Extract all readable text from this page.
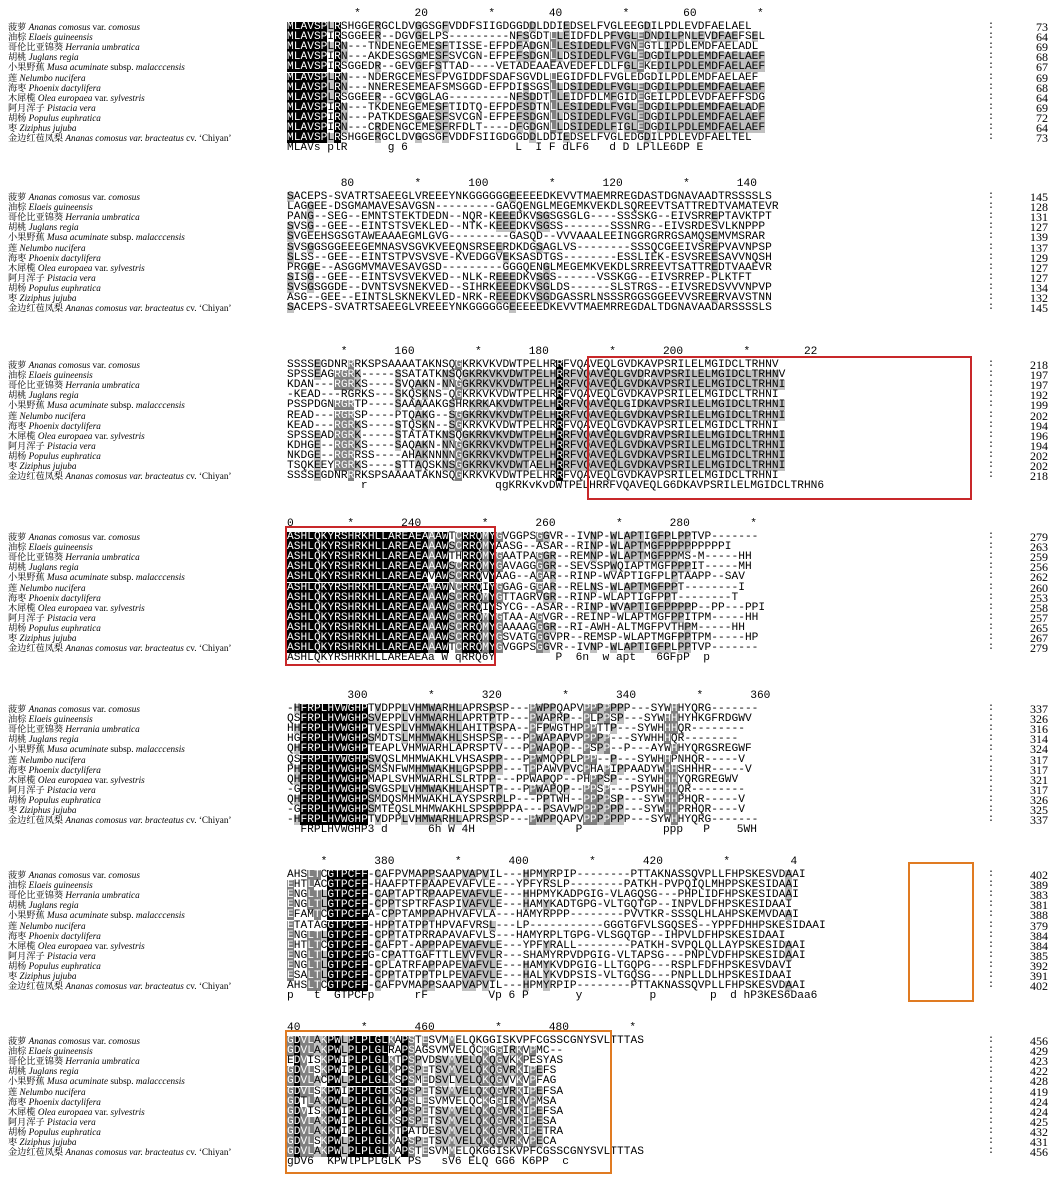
*        20         *        40         *        60         *
菠萝 Ananas comosus var. comosus	MLAVSPLRSHGGERGCLDVGGSGFVDDFSIIGDGGDDLDDIEDSELFVGLEEGDILPDLEVDFAELAEL	:	73
油棕 Elaeis guineensis	MLAVSPIRSGGEER--DGVGELPS---------NFSGDTLLEIDFDLPFVGLEDNDILPNLEVDFAEFSEL	:	64
哥伦比亚锦葵 Herrania umbratica	MLAVSPLRN---TNDENEGEMESFTISSE-EFPDFADGNLLESIDEDLFVGNEGTLIPDLEMDFAELADL	:	69
胡桃 Juglans regia	MLAVSPIRN---AKDESGSGMESFSVCGN-EFPEFSDGNLLDSIDEDLFVGLEDGDILPDLEMDFAELAEF	:	68
小果野蕉 Musa acuminate subsp. malacccensis	MLAVSPIRSGGEDR--GEVGEFSTTAD----VETADEAAEAVEDEFLDLFGLEKEDILPDLEMDFAELAEF	:	67
莲 Nelumbo nucifera	MLAVSPLRN---NDERGCEMESFPVGIDDFSDAFSGVDLLEGIDFDLFVGLEDGDILPDLEMDFAELAEF	:	69
海枣 Phoenix dactylifera	MLAVSPLRN---NNERESEMEAFSMSGGD-EFPDISSGSLLDSIDEDLFVGLEDGDILPDLEMDFAELAEF	:	68
木犀榄 Olea europaea var. sylvestris	MLAVSPLRSGGEER--GCVGGLAG---------NFSDDTLLEIDFDLMFGIDEGEILPDLEVDFAEFFSDG	:	64
阿月浑子 Pistacia vera	MLAVSPIRN---TKDENEGEMESFTIDTQ-EFPDFSDTNLLESIDEDLFVGLEDGDILPDLEMDFAELADF	:	69
胡杨 Populus euphratica	MLAVSPIRN---PATKDESGAESFSVCGN-EFPEFSDGNLLDSIDEDLFVGLEDGDILPDLEMDFAELAEF	:	72
枣 Ziziphus jujuba	MLAVSPIRN---CRDENGCEMESFRFDLT----DFGDGNLLDSIDEDLFIGLEDGDILPDLEMDFAELAEF	:	64
金边红苞凤梨 Ananas comosus var. bracteatus cv. ‘Chiyan’	MLAVSPLRSHGGERGCLDVGGSGFVDDFSIIGDGGDDLDDIEDSELFVGLEDGDILPDLEVDFAELTEL	:	73
MLAVs plR      g 6                L  I F dLF6   d D LPlLE6DP E
80         *       100         *       120         *       140
菠萝 Ananas comosus var. comosus	SACEPS-SVATRTSAEEGLVREEEYNKGGGGGGEEEEEDKEVVTMAEMRREGDASTDGNAVAADTRSSSSLS	:	145
油棕 Elaeis guineensis	LAGGEE-DSGMAMAVESAVGSN---------GAGQENGLMEGEMKVEKDLSQREEVTSATTREDTVAMATEVR	:	128
哥伦比亚锦葵 Herrania umbratica	PANG--SEG--EMNTSTEKTDEDN--NQR-KEEEDKVSGSGSGLG----SSSSKG--EIVSRREPTAVKTPT	:	131
胡桃 Juglans regia	SVSG--GEE--EINTSTSVEKLED--NTK-KEEEDKVSGSS-------SSSNRG--EIVSRDESVLKNPPP	:	127
小果野蕉 Musa acuminate subsp. malacccensis	SVGEEHSGSGTAWEAAAEGMLGVG---------GASQD--VVVAAALEEINGGRGRRGSAMQSEMVMSRAR	:	139
莲 Nelumbo nucifera	SVSGGSGGEEEGEMNASVSGVKVEEQNSRSEERDKDGSAGLVS--------SSSQCGEEIVSREPVAVNPSP	:	137
海枣 Phoenix dactylifera	SLSS--GEE--EINTSTPVSVSVE-KVEDGGVEKSASDTGS--------ESSLIEK-ESVSREESAVVNQSH	:	129
木犀榄 Olea europaea var. sylvestris	PRGGE--ASGGMVMAVESAVGSD---------GGGQENGLMEGEMKVEKDLSRREEVTSATTREDTVAAEVR	:	127
阿月浑子 Pistacia vera	SISG--GEE--EINTSVSVEKVED--NLK-REEEDKVSGS------VSSKGG--EIVSRREP-PLKTFT	:	127
胡杨 Populus euphratica	SVSGSGGDE--DVNTSVSNEKVED--SIHRKEEEDKVSGLDS------SLSTRGS--EIVSREDSVVVNPVP	:	134
枣 Ziziphus jujuba	ASG--GEE--EINTSLSKNEKVLED-NRK-REEEDKVSGDGASSRLNSSSRGGSGGEEVVSREERVAVSTNN	:	132
金边红苞凤梨 Ananas comosus var. bracteatus cv. ‘Chiyan’	SACEPS-SVATRTSAEEGLVREEEYNKGGGGGGEEEEEDKEVVTMAEMRREGDALTDGNAVAADARSSSSLS	:	145
*       160         *       180         *       200         *        22
菠萝 Ananas comosus var. comosus	SSSSEGDNRRRKSPSAAAATAKNSQGKRKVKVDWTPELHRRFVQAVEQLGVDKAVPSRILELMGIDCLTRHNV	:	218
油棕 Elaeis guineensis	SPSSEAGRGRK-----SSATATKNSQGKRKVKVDWTPELHRRFVQAVEQLGVDRAVPSRILELMGIDCLTRHNV	:	197
哥伦比亚锦葵 Herrania umbratica	KDAN---RGRKS----SVQAKN-NNGGKRKVKVDWTPELHRRFVQAVEQLGVDKAVPSRILELMGIDCLTRHNI	:	197
胡桃 Juglans regia	-KEAD---RGRKS---SKQSKNS-QGKRKVKVDWTPELHRRFVQAVEQLGVDKAVPSRILELMGIDCLTRHNI	:	192
小果野蕉 Musa acuminate subsp. malacccensis	PSSPDGNRGRTP----SAAAAAKGSHRKRKAKVDWTPELHRRFVQAVEQLGIDKAVPSRILELMGIDCLTRHNI	:	199
莲 Nelumbo nucifera	READ---RGRSP----PTQAKG--SGGKRKVKVDWTPELHRRFVQAVEQLGVDKAVPSRILELMGIDCLTRHNI	:	202
海枣 Phoenix dactylifera	KEAD---RGRKS----STQSKN--SGKRKVKVDWTPELHRRFVQAVEQLGVDKAVPSRILELMGIDCLTRHNI	:	194
木犀榄 Olea europaea var. sylvestris	SPSSEADRGRK-----STATATKNSQGKRKVKVDWTPELHRRFVQAVEQLGVDRAVPSRILELMGIDCLTRHNI	:	196
阿月浑子 Pistacia vera	KDHGE--RGRKS----SAQAKN-NNGGKRKVKVDWTPELHRRFVQAVEQLGVDKAVPSRILELMGIDCLTRHNI	:	194
胡杨 Populus euphratica	NKDGE--RGRRSS----AHAKNNNNGGKRKVKVDWTPELHRRFVQAVEQLGVDKAVPSRILELMGIDCLTRHNI	:	202
枣 Ziziphus jujuba	TSQKEEYRGRKS----STTAQSKNSGGKRKVKVDWTAELHRRFVQAVEQLGVDKAVPSRILELMGIDCLTRHNI	:	202
金边红苞凤梨 Ananas comosus var. bracteatus cv. ‘Chiyan’	SSSSEGDNRRRKSPSAAAATAKNSQGKRKVKVDWTPELHRRFVQAVEQLGVDKAVPSRILELMGIDCLTRHNI	:	218
r                   qgKRKvKvDWTPELHRRFVQAVEQLG6DKAVPSRILELMGIDCLTRHN6
0        *       240         *       260         *       280         *
菠萝 Ananas comosus var. comosus	ASHLQKYRSHRKHLLAREAEAAAWTCRRQMYGVGGPSGGVR--IVNP-WLAPTIGFPLPPTVP-------	:	279
油棕 Elaeis guineensis	ASHLQKYRSHRKHLLAREAEAAAWSCRRQMYAASG--ASAR--RINP-WLAPTMGFPPPPPPPPPI	:	263
哥伦比亚锦葵 Herrania umbratica	ASHLQKYRSHRKHLLAREAEAAAWTHRRQMYGAATPAGGR--REMNP-WLAPTMGFPPMS-M-----HH	:	259
胡桃 Juglans regia	ASHLQKYRSHRKHLLAREAEAAAWSCRRQMYGAVAGGGGR--SEVSSPWQIAPTMGFPPPIT-----MH	:	256
小果野蕉 Musa acuminate subsp. malacccensis	ASHLQKYRSHRKHLLAREAEAVAWSCRRQVYAAG--AGAR--RINP-WVAPTIGFPLPTAAPP--SAV	:	262
莲 Nelumbo nucifera	ASHLQKYRSHRKHLLAREAEAAAWNCRRQIYGGAG-GGAR--RELNS-WLAPTMGFPPT--------I	:	260
海枣 Phoenix dactylifera	ASHLQKYRSHRKHLLAREAEAAAWSCRRQMYGTTAGRVGR--RINP-WLAPTIGFPPT--------T	:	253
木犀榄 Olea europaea var. sylvestris	ASHLQKYRSHRKHLLAREAEAAAWSCRRQIYSYCG--ASAR--RINP-WVAPTIGFPPPPP--PP---PPI	:	258
阿月浑子 Pistacia vera	ASHLQKYRSHRKHLLAREAEAAAWSCRRQMYGTAA-AGVGR--REINP-WLAPTMGFPPITPM-----HH	:	257
胡杨 Populus euphratica	ASHLQKYRSHRKHLLAREAEAAAWSCRRQMYGAAAAGGGR--RI-AWH-ALTMGFPVTHPM-----HH	:	265
枣 Ziziphus jujuba	ASHLQKYRSHRKHLLAREAEAAAWSCRRQMYGSVATGGGVPR--REMSP-WLAPTMGFPPTPM-----HP	:	267
金边红苞凤梨 Ananas comosus var. bracteatus cv. ‘Chiyan’	ASHLQKYRSHRKHLLAREAEAAAWTCRRQMYGVGGPSGGVR--IVNP-WLAPTIGFPLPPTVP-------	:	279
ASHLQKYRSHRKHLLAREAEAa W qRRQ6Y         P  6n  w apt   6GFpP  p
300         *       320         *       340         *       360
菠萝 Ananas comosus var. comosus	-HFRPLHVWGHPTVDPPLVHMWARHLAPRSPSP---PWPPQAPVPPPPPPP---SYWHHYQRG-------	:	337
油棕 Elaeis guineensis	QSFRPLHVWGHPSVEPPLVHMWARHLAPRTPTP---PWAPRP--PLPPSP---SYWHHHYHKGFRDGWV	:	326
哥伦比亚锦葵 Herrania umbratica	HHFRPLHVWGHPTVESPLVHMWAKHLAHITPSPA--PFPWGTHPPPTTP---SYWHHHQR--------	:	316
胡桃 Juglans regia	HGFRPLHVWGHPSMDTSLMHMWAKHLSHSPSP---PPWAPAPVPPPPP---SYWHHHQR--------	:	314
小果野蕉 Musa acuminate subsp. malacccensis	QHFRPLHVWGHPTEAPLVHMWARHLAPRSPTV---PPWAPQP--PSPP--P---AYWHHYQRGSREGWF	:	324
莲 Nelumbo nucifera	QSFRPLHVWGHPSVQSLMHMWAKHLVHSASPP---PPWMQPPLPPP--P---SYWHHPNHQR-----V	:	317
海枣 Phoenix dactylifera	PHFRPLHVWGHPSMSNFWMHMWAKHLGPSPPP---TPPAWVPVCPHAPIPPAADYWHHSHHHR-----V	:	317
木犀榄 Olea europaea var. sylvestris	QHFRPLHVWGHPMAPLSVHMWARHLSLRTPP---PPWAPQP--PHPPSP---SYWHHHYQRGREGWV	:	321
阿月浑子 Pistacia vera	-GFRPLHVWGHPSVGSPLVHMWAKHLAHSPTP---PPWAPQP--PPSP---PSYWHHHQR--------	:	317
胡杨 Populus euphratica	QHFRPLHVWGHPSMDQSMHMWAKHLAYSPSRPLP---PPTWH--PPPPSP---SYWHHPHQR-----V	:	326
枣 Ziziphus jujuba	-GFRPLHVWGHPSMTEQSLMHMWAKHLSPSPPPPA---PSAVWPPPPPPP---SYWHHPRHQR----V	:	325
金边红苞凤梨 Ananas comosus var. bracteatus cv. ‘Chiyan’	-HFRPLHVWGHPTVDPPLVHMWARHLAPRSPSP---PWPPQAPVPPPPPPP---SYWHHYQRG-------	:	337
FRPLHVWGHP3 d      6h W 4H               P            ppp   P    5WH
*       380         *       400         *       420         *         4
菠萝 Ananas comosus var. comosus	AHSLTCGTPCFF-CAFPVMAPPSAAPVAPVIL---HPMYRPIP--------PTTAKNASSQVPLLFHPSKESVDAAI	:	402
油棕 Elaeis guineensis	EHTLACGTPCFF-HAAFPTFPAAPEVAFVLE---YPFYRSLP--------PATKH-PVPQIQLMHPPSKESIDAAI	:	389
哥伦比亚锦葵 Herrania umbratica	ENGLTLGTPCFF-CAPTAPTRPAAPEVAFVLE---HHPMYKADPGIG-VLAGQSG---PHPLIDFHPSKESIDAAI	:	383
胡桃 Juglans regia	ENGLTLGTPCFF-CPPTSPTRFASPIVAFVLE---HAMYKADTGPG-VLTGQTGP--INPVLDFHPSKESIDAAI	:	381
小果野蕉 Musa acuminate subsp. malacccensis	EFAMTCGTPCFFA-CPPTAMPPAPHVAFVLA---HAMYRPPP--------PVVTKR-SSSQLHLAHPSKEMVDAAI	:	388
莲 Nelumbo nucifera	ETATAGGTPCFF-HPPTATPPTHPVAFVRSL---LP-----------GGGTGFVLSGQSES--YPPFDHHPSKESIDAAI	:	379
海枣 Phoenix dactylifera	ENGLTLGTPCFF-CPPTATPRRAPAVAFVLS---HAMYRPLTGPG-VLSGQTGP--IHPVLDFHPSKESIDAAI	:	384
木犀榄 Olea europaea var. sylvestris	EHTLTCGTPCFF-CAFPT-APPPAPEVAFVLE---YPFYRALL--------PATKH-SVPQLQLLAYPSKESIDAAI	:	384
阿月浑子 Pistacia vera	ENGLTLGTPCFFG-CPATTGAFTTLEVVFVLR---SHAMYRPVDPGIG-VLTAPSG---PNPLVDFHPSKESIDAAI	:	385
胡杨 Populus euphratica	ENGLTLGTPCFF-CPLATRFAPPAPEVAFVLE---HAMYKVDPGIG-LLTGQPG---RSPLFDFHPSKESVDAVI	:	392
枣 Ziziphus jujuba	ESALTLGTPCFF-CPPTATPPTPLPEVAFVLE---HALYKVDPSIS-VLTGQSG---PNPLLDLHPSKESIDAAI	:	391
金边红苞凤梨 Ananas comosus var. bracteatus cv. ‘Chiyan’	AHSLTCGTPCFF-CAFPVMAPPSAAPVAPVIL---HPMYRPIP--------PTTAKNASSQVPLLFHPSKESVDAAI	:	402
p   t  GTPCFp      rF         Vp 6 P       y          p        p  d hP3KES6Daa6
40         *       460         *       480         *
菠萝 Ananas comosus var. comosus	GDVLAKPWLPLPLGLKAPSTESVMMELQKGGISKVPFCGSSCGNYSVLTTTAS	:	456
油棕 Elaeis guineensis	GDVLAKPWLPLPLGLRAPSAGSVMVELQCKGGIRKVPMC--	:	429
哥伦比亚锦葵 Herrania umbratica	EDVISKPWIPLPLGLKTPSPVDSVMVELQKQGVKKPESYAS	:	423
胡桃 Juglans regia	GDVLSKPWIPLPLGLKPPSPETSVMVELQKQGVRKIPEFS	:	422
小果野蕉 Musa acuminate subsp. malacccensis	GDVLACPWLPLPLGLKSPSMEDSVLVELQKQGVVKVPFAG	:	428
莲 Nelumbo nucifera	GDVLSKPWIPLPLGLKSPSPETSVMVELQKQGVRKIPEFSA	:	419
海枣 Phoenix dactylifera	GDTLAKPWLPLPLGLKAPSLESVMVELQCKGGIRKVPMSA	:	424
木犀榄 Olea europaea var. sylvestris	GDVISKPWIPLPLGLKPPSPETSVMVELQKQGVRKIPEFSA	:	424
阿月浑子 Pistacia vera	GDVLAKPWIPLPLGLKSPSPETSVMVELQKQGVRKIPESA	:	425
胡杨 Populus euphratica	GDVLAKPWIPLPLGLKTPATDESVMVELQKQGVRKIPETRA	:	432
枣 Ziziphus jujuba	GDVLSKPWLPLPLGLKAPSPETSVMVELQKQGVRKVPECA	:	431
金边红苞凤梨 Ananas comosus var. bracteatus cv. ‘Chiyan’	GDVLAKPWLPLPLGLKAPSTESVMMELQKGGISKVPFCGSSCGNYSVLTTTAS	:	456
gDV6  KPWlPLPLGLK PS   sV6 ELQ GG6 K6PP  c
